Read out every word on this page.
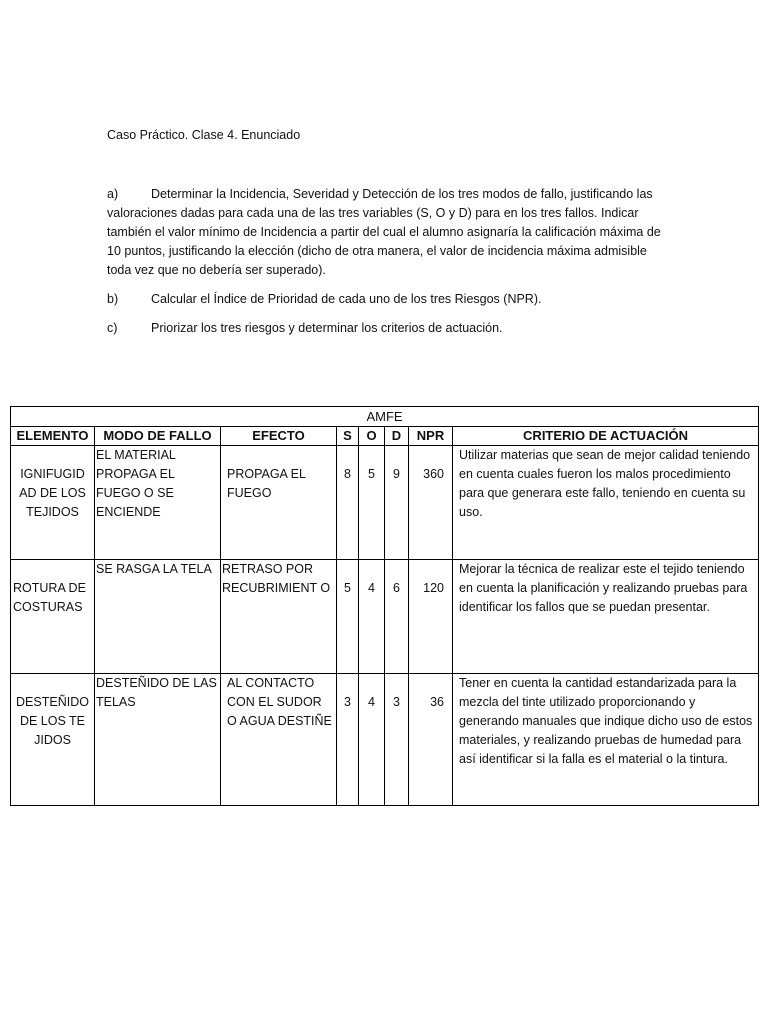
Caso Práctico. Clase 4. Enunciado
a)	Determinar la Incidencia, Severidad y Detección de los tres modos de fallo, justificando las valoraciones dadas para cada una de las tres variables (S, O y D) para en los tres fallos. Indicar también el valor mínimo de Incidencia a partir del cual el alumno asignaría la calificación máxima de 10 puntos, justificando la elección (dicho de otra manera, el valor de incidencia máxima admisible toda vez que no debería ser superado).
b)	Calcular el Índice de Prioridad de cada uno de los tres Riesgos (NPR).
c)	Priorizar los tres riesgos y determinar los criterios de actuación.
AMFE							
ELEMENTO	MODO DE FALLO	EFECTO	S	O	D	NPR	CRITERIO DE ACTUACIÓN
IGNIFUGID AD DE LOS TEJIDOS	EL MATERIAL PROPAGA EL FUEGO O SE ENCIENDE	PROPAGA EL FUEGO	8	5	9	360	Utilizar materias que sean de mejor calidad teniendo en cuenta cuales fueron los malos procedimiento para que generara este fallo, teniendo en cuenta su uso.
ROTURA DE COSTURAS	SE RASGA LA TELA	RETRASO POR RECUBRIMIENT O	5	4	6	120	Mejorar la técnica de realizar este el tejido teniendo en cuenta la planificación y realizando pruebas para identificar los fallos que se puedan presentar.
DESTEÑIDO DE LOS TE JIDOS	DESTEÑIDO DE LAS TELAS	AL CONTACTO CON EL SUDOR O AGUA DESTIÑE	3	4	3	36	Tener en cuenta la cantidad estandarizada para la mezcla del tinte utilizado proporcionando y generando manuales que indique dicho uso de estos materiales, y realizando pruebas de humedad para así identificar si la falla es el material o la tintura.
